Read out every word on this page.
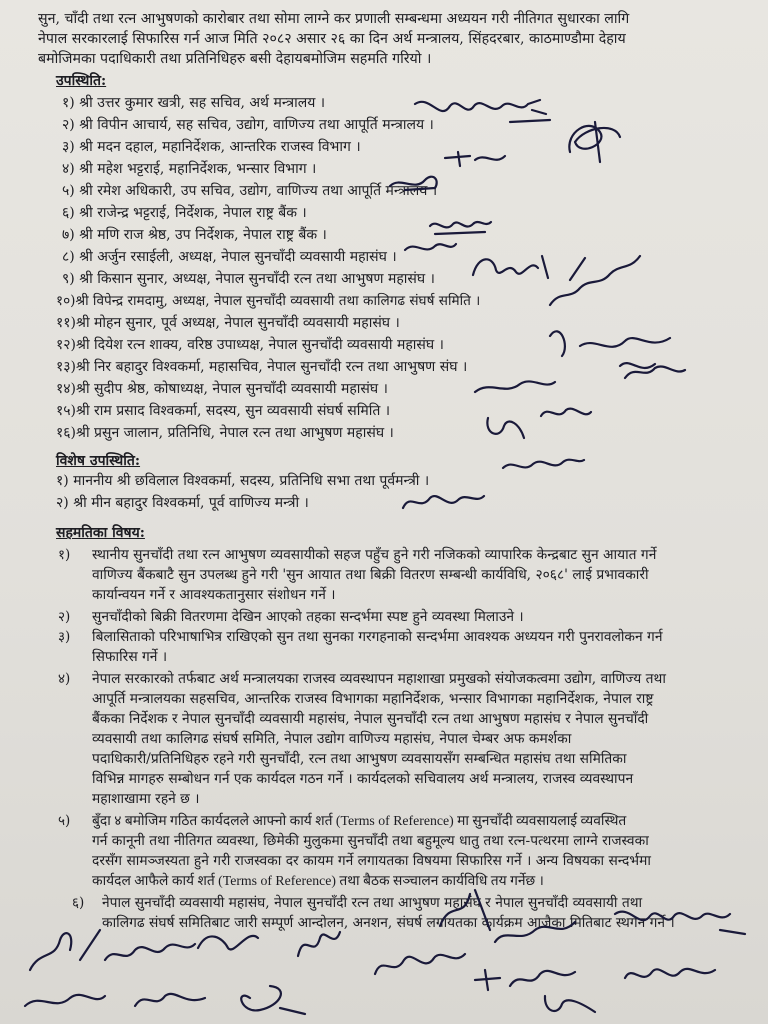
सुन, चाँदी तथा रत्न आभुषणको कारोबार तथा सोमा लाग्ने कर प्रणाली सम्बन्धमा अध्ययन गरी नीतिगत सुधारका लागि
नेपाल सरकारलाई सिफारिस गर्न आज मिति २०८२ असार २६ का दिन अर्थ मन्त्रालय, सिंहदरबार, काठमाण्डौमा देहाय
बमोजिमका पदाधिकारी तथा प्रतिनिधिहरु बसी देहायबमोजिम सहमति गरियो ।
उपस्थिति:
१) श्री उत्तर कुमार खत्री, सह सचिव, अर्थ मन्त्रालय ।
२) श्री विपीन आचार्य, सह सचिव, उद्योग, वाणिज्य तथा आपूर्ति मन्त्रालय ।
३) श्री मदन दहाल, महानिर्देशक, आन्तरिक राजस्व विभाग ।
४) श्री महेश भट्टराई, महानिर्देशक, भन्सार विभाग ।
५) श्री रमेश अधिकारी, उप सचिव, उद्योग, वाणिज्य तथा आपूर्ति मन्त्रालय ।
६) श्री राजेन्द्र भट्टराई, निर्देशक, नेपाल राष्ट्र बैंक ।
७) श्री मणि राज श्रेष्ठ, उप निर्देशक, नेपाल राष्ट्र बैंक ।
८) श्री अर्जुन रसाईली, अध्यक्ष, नेपाल सुनचाँदी व्यवसायी महासंघ ।
९) श्री किसान सुनार, अध्यक्ष, नेपाल सुनचाँदी रत्न तथा आभुषण महासंघ ।
१०)श्री विपेन्द्र रामदामु, अध्यक्ष, नेपाल सुनचाँदी व्यवसायी तथा कालिगढ संघर्ष समिति ।
११)श्री मोहन सुनार, पूर्व अध्यक्ष, नेपाल सुनचाँदी व्यवसायी महासंघ ।
१२)श्री दियेश रत्न शाक्य, वरिष्ठ उपाध्यक्ष, नेपाल सुनचाँदी व्यवसायी महासंघ ।
१३)श्री निर बहादुर विश्वकर्मा, महासचिव, नेपाल सुनचाँदी रत्न तथा आभुषण संघ ।
१४)श्री सुदीप श्रेष्ठ, कोषाध्यक्ष, नेपाल सुनचाँदी व्यवसायी महासंघ ।
१५)श्री राम प्रसाद विश्वकर्मा, सदस्य, सुन व्यवसायी संघर्ष समिति ।
१६)श्री प्रसुन जालान, प्रतिनिधि, नेपाल रत्न तथा आभुषण महासंघ ।
विशेष उपस्थिति:
१) माननीय श्री छविलाल विश्वकर्मा, सदस्य, प्रतिनिधि सभा तथा पूर्वमन्त्री ।
२) श्री मीन बहादुर विश्वकर्मा, पूर्व वाणिज्य मन्त्री ।
सहमतिका विषय:
१) स्थानीय सुनचाँदी तथा रत्न आभुषण व्यवसायीको सहज पहुँच हुने गरी नजिकको व्यापारिक केन्द्रबाट सुन आयात गर्ने
वाणिज्य बैंकबाटै सुन उपलब्ध हुने गरी 'सुन आयात तथा बिक्री वितरण सम्बन्धी कार्यविधि, २०६८' लाई प्रभावकारी
कार्यान्वयन गर्ने र आवश्यकतानुसार संशोधन गर्ने ।
२) सुनचाँदीको बिक्री वितरणमा देखिन आएको तहका सन्दर्भमा स्पष्ट हुने व्यवस्था मिलाउने ।
३) बिलासिताको परिभाषाभित्र राखिएको सुन तथा सुनका गरगहनाको सन्दर्भमा आवश्यक अध्ययन गरी पुनरावलोकन गर्न
सिफारिस गर्ने ।
४) नेपाल सरकारको तर्फबाट अर्थ मन्त्रालयका राजस्व व्यवस्थापन महाशाखा प्रमुखको संयोजकत्वमा उद्योग, वाणिज्य तथा
आपूर्ति मन्त्रालयका सहसचिव, आन्तरिक राजस्व विभागका महानिर्देशक, भन्सार विभागका महानिर्देशक, नेपाल राष्ट्र
बैंकका निर्देशक र नेपाल सुनचाँदी व्यवसायी महासंघ, नेपाल सुनचाँदी रत्न तथा आभुषण महासंघ र नेपाल सुनचाँदी
व्यवसायी तथा कालिगढ संघर्ष समिति, नेपाल उद्योग वाणिज्य महासंघ, नेपाल चेम्बर अफ कमर्शका
पदाधिकारी/प्रतिनिधिहरु रहने गरी सुनचाँदी, रत्न तथा आभुषण व्यवसायसँग सम्बन्धित महासंघ तथा समितिका
विभिन्न मागहरु सम्बोधन गर्न एक कार्यदल गठन गर्ने । कार्यदलको सचिवालय अर्थ मन्त्रालय, राजस्व व्यवस्थापन
महाशाखामा रहने छ ।
५) बुँदा ४ बमोजिम गठित कार्यदलले आफ्नो कार्य शर्त (Terms of Reference) मा सुनचाँदी व्यवसायलाई व्यवस्थित
गर्न कानूनी तथा नीतिगत व्यवस्था, छिमेकी मुलुकमा सुनचाँदी तथा बहुमूल्य धातु तथा रत्न-पत्थरमा लाग्ने राजस्वका
दरसँग सामञ्जस्यता हुने गरी राजस्वका दर कायम गर्ने लगायतका विषयमा सिफारिस गर्ने । अन्य विषयका सन्दर्भमा
कार्यदल आफैले कार्य शर्त (Terms of Reference) तथा बैठक सञ्चालन कार्यविधि तय गर्नेछ ।
६) नेपाल सुनचाँदी व्यवसायी महासंघ, नेपाल सुनचाँदी रत्न तथा आभुषण महासंघ र नेपाल सुनचाँदी व्यवसायी तथा
कालिगढ संघर्ष समितिबाट जारी सम्पूर्ण आन्दोलन, अनशन, संघर्ष लगायतका कार्यक्रम आजैका मितिबाट स्थगन गर्ने ।
